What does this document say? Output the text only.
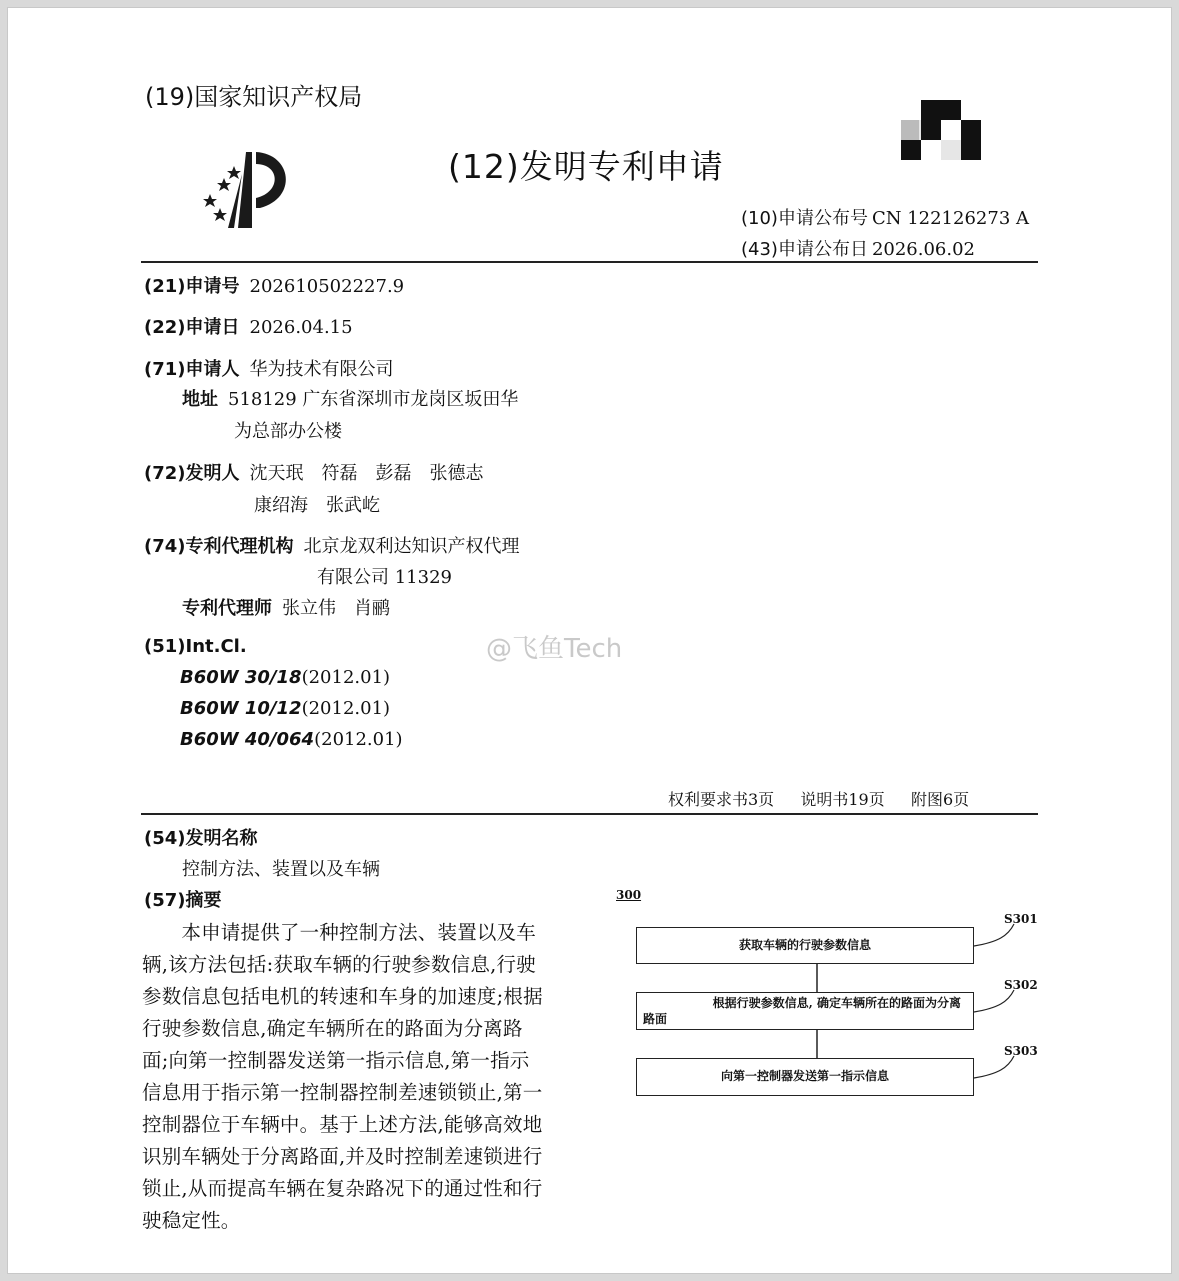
(19)国家知识产权局
(12)发明专利申请
(10)申请公布号 CN 122126273 A
(43)申请公布日 2026.06.02
(21)申请号 202610502227.9
(22)申请日 2026.04.15
(71)申请人 华为技术有限公司
地址 518129 广东省深圳市龙岗区坂田华
为总部办公楼
(72)发明人 沈天珉　符磊　彭磊　张德志
康绍海　张武屹
(74)专利代理机构 北京龙双利达知识产权代理
有限公司 11329
专利代理师 张立伟　肖鹂
(51)Int.Cl.
B60W 30/18(2012.01)
B60W 10/12(2012.01)
B60W 40/064(2012.01)
@飞鱼Tech
权利要求书3页 说明书19页 附图6页
(54)发明名称
控制方法、装置以及车辆
(57)摘要
　　本申请提供了一种控制方法、装置以及车
辆,该方法包括:获取车辆的行驶参数信息,行驶
参数信息包括电机的转速和车身的加速度;根据
行驶参数信息,确定车辆所在的路面为分离路
面;向第一控制器发送第一指示信息,第一指示
信息用于指示第一控制器控制差速锁锁止,第一
控制器位于车辆中。基于上述方法,能够高效地
识别车辆处于分离路面,并及时控制差速锁进行
锁止,从而提高车辆在复杂路况下的通过性和行
驶稳定性。
300
S301
获取车辆的行驶参数信息
S302
根据行驶参数信息, 确定车辆所在的路面为分离
路面
S303
向第一控制器发送第一指示信息
